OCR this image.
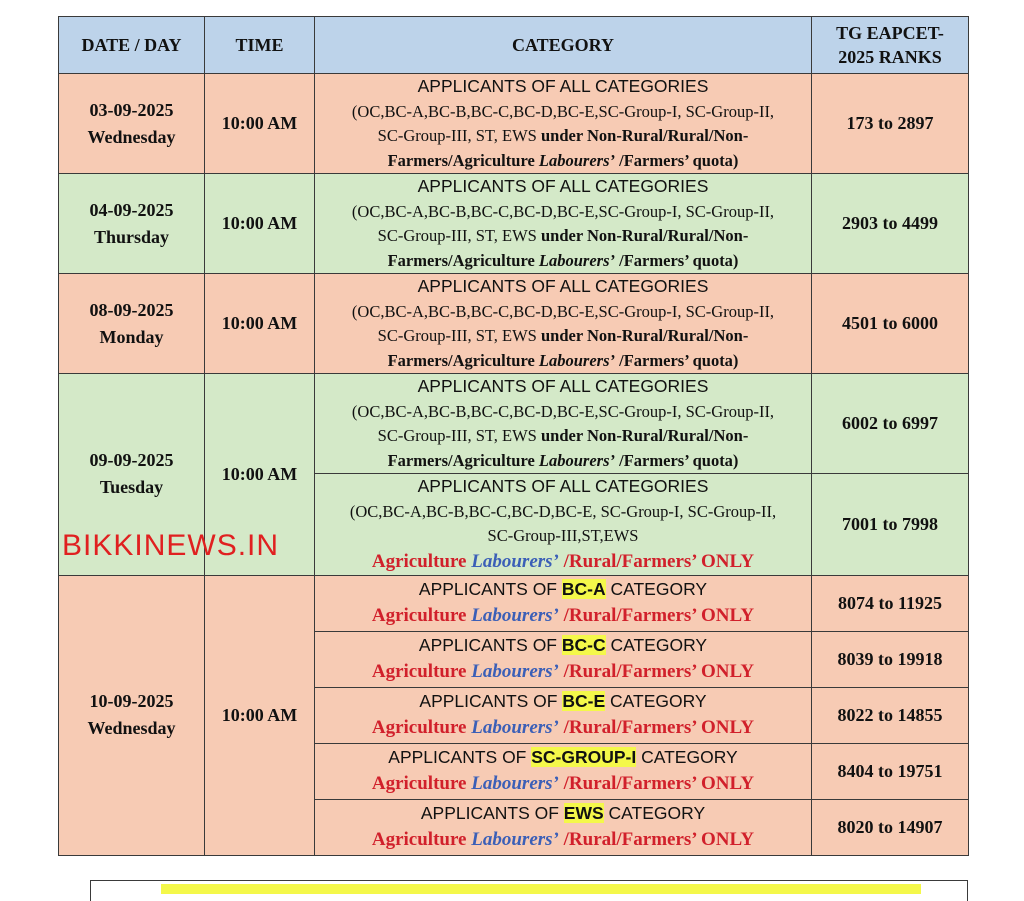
DATE / DAY	TIME	CATEGORY	TG EAPCET-
2025 RANKS
03-09-2025
Wednesday	10:00 AM	APPLICANTS OF ALL CATEGORIES
(OC,BC-A,BC-B,BC-C,BC-D,BC-E,SC-Group-I, SC-Group-II,
SC-Group-III, ST, EWS under Non-Rural/Rural/Non-
Farmers/Agriculture Labourers’ /Farmers’ quota)	173 to 2897
04-09-2025
Thursday	10:00 AM	APPLICANTS OF ALL CATEGORIES
(OC,BC-A,BC-B,BC-C,BC-D,BC-E,SC-Group-I, SC-Group-II,
SC-Group-III, ST, EWS under Non-Rural/Rural/Non-
Farmers/Agriculture Labourers’ /Farmers’ quota)	2903 to 4499
08-09-2025
Monday	10:00 AM	APPLICANTS OF ALL CATEGORIES
(OC,BC-A,BC-B,BC-C,BC-D,BC-E,SC-Group-I, SC-Group-II,
SC-Group-III, ST, EWS under Non-Rural/Rural/Non-
Farmers/Agriculture Labourers’ /Farmers’ quota)	4501 to 6000
09-09-2025
Tuesday	10:00 AM	APPLICANTS OF ALL CATEGORIES
(OC,BC-A,BC-B,BC-C,BC-D,BC-E,SC-Group-I, SC-Group-II,
SC-Group-III, ST, EWS under Non-Rural/Rural/Non-
Farmers/Agriculture Labourers’ /Farmers’ quota)	6002 to 6997
		APPLICANTS OF ALL CATEGORIES
(OC,BC-A,BC-B,BC-C,BC-D,BC-E, SC-Group-I, SC-Group-II,
SC-Group-III,ST,EWS
Agriculture Labourers’ /Rural/Farmers’ ONLY	7001 to 7998
10-09-2025
Wednesday	10:00 AM	APPLICANTS OF BC-A CATEGORY
Agriculture Labourers’ /Rural/Farmers’ ONLY	8074 to 11925
		APPLICANTS OF BC-C CATEGORY
Agriculture Labourers’ /Rural/Farmers’ ONLY	8039 to 19918
		APPLICANTS OF BC-E CATEGORY
Agriculture Labourers’ /Rural/Farmers’ ONLY	8022 to 14855
		APPLICANTS OF SC-GROUP-I CATEGORY
Agriculture Labourers’ /Rural/Farmers’ ONLY	8404 to 19751
		APPLICANTS OF EWS CATEGORY
Agriculture Labourers’ /Rural/Farmers’ ONLY	8020 to 14907
BIKKINEWS.IN
